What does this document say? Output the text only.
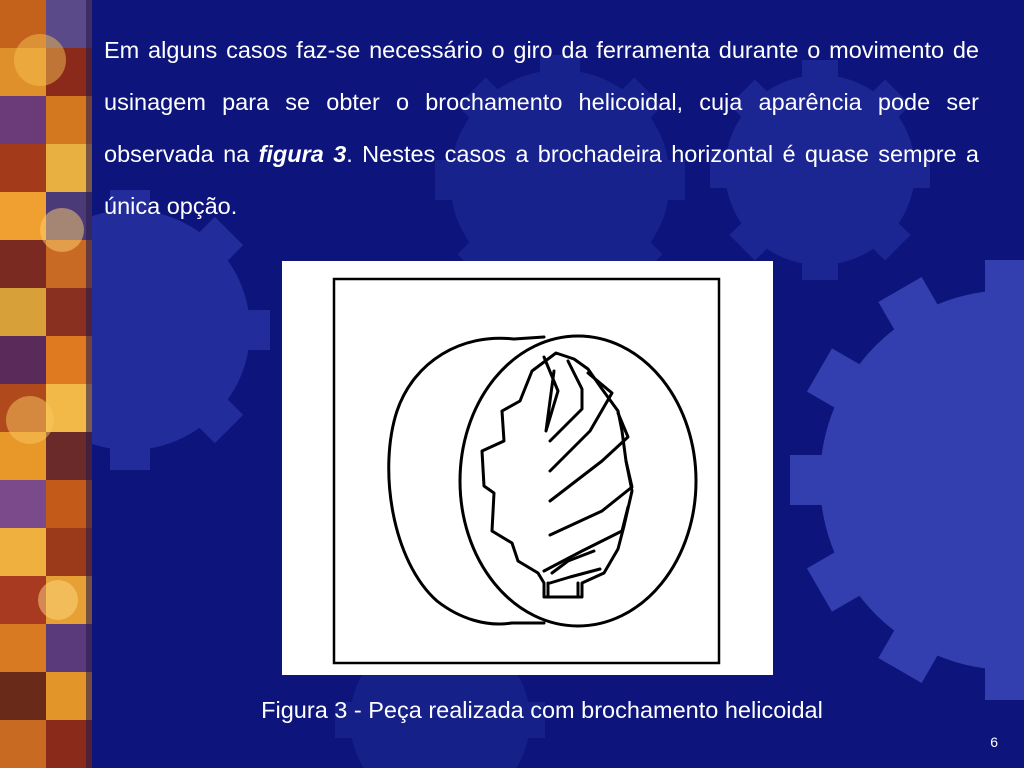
Em alguns casos faz-se necessário o giro da ferramenta durante o movimento de usinagem para se obter o brochamento helicoidal, cuja aparência pode ser observada na figura 3. Nestes casos a brochadeira horizontal é quase sempre a única opção.

Figura 3 - Peça realizada com brochamento helicoidal

6
